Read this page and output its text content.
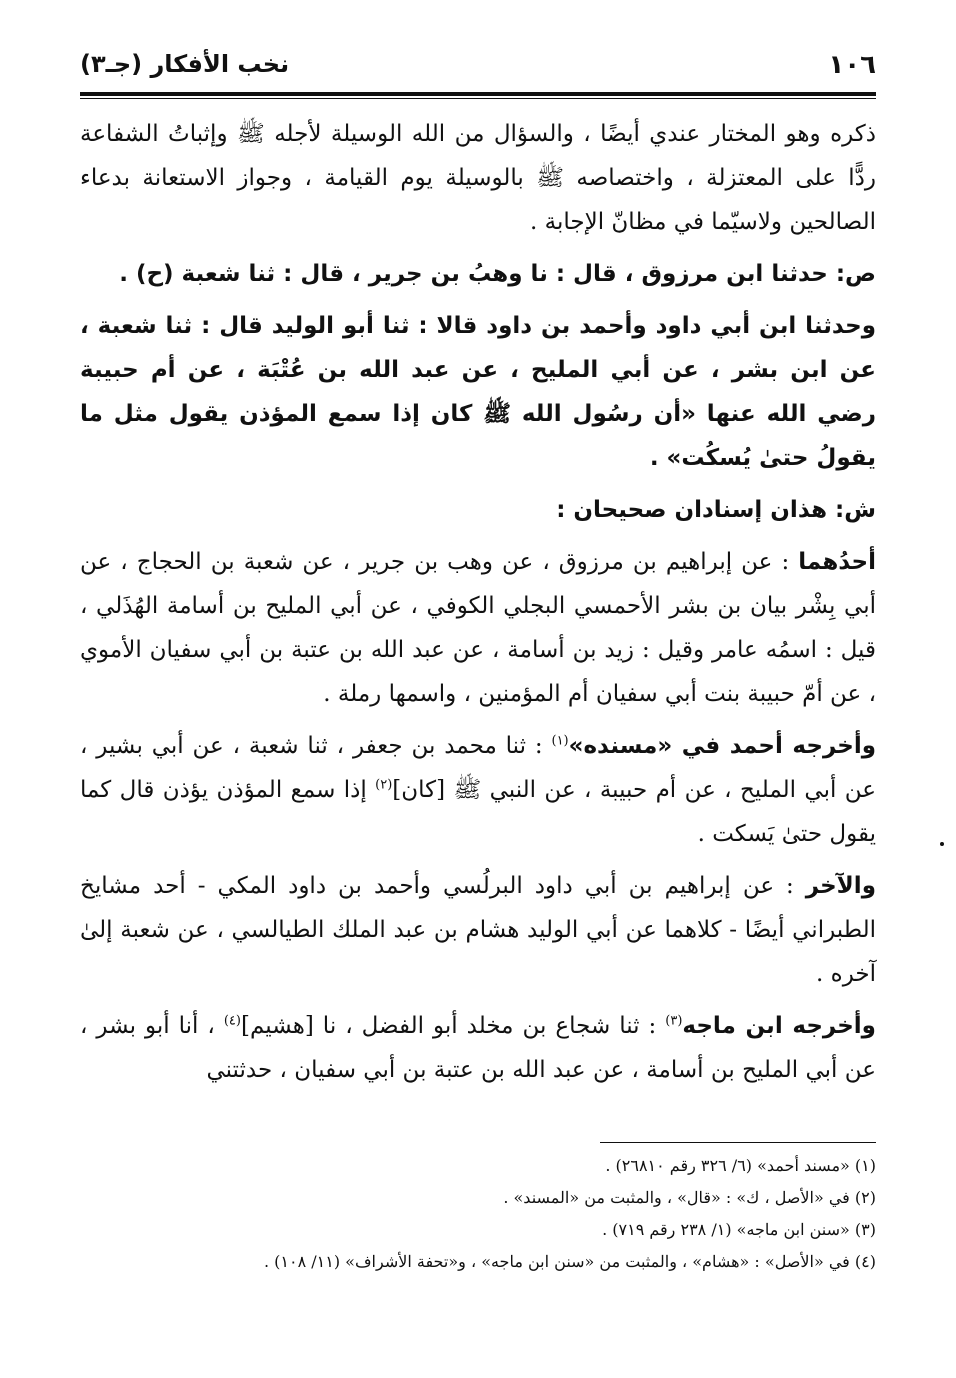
١٠٦
نخب الأفكار (جـ٣)

ذكره وهو المختار عندي أيضًا ، والسؤال من الله الوسيلة لأجله ﷺ وإثباتُ الشفاعة ردًّا على المعتزلة ، واختصاصه ﷺ بالوسيلة يوم القيامة ، وجواز الاستعانة بدعاء الصالحين ولاسيّما في مظانّ الإجابة .

ص: حدثنا ابن مرزوق ، قال : نا وهبُ بن جرير ، قال : ثنا شعبة (ح) .

وحدثنا ابن أبي داود وأحمد بن داود قالا : ثنا أبو الوليد قال : ثنا شعبة ، عن ابن بشر ، عن أبي المليح ، عن عبد الله بن عُتْبَة ، عن أم حبيبة رضي الله عنها «أن رسُول الله ﷺ كان إذا سمع المؤذن يقول مثل ما يقولُ حتىٰ يُسكُت» .

ش: هذان إسنادان صحيحان :

أحدُهما : عن إبراهيم بن مرزوق ، عن وهب بن جرير ، عن شعبة بن الحجاج ، عن أبي بِشْر بيان بن بشر الأحمسي البجلي الكوفي ، عن أبي المليح بن أسامة الهُذَلي ، قيل : اسمُه عامر وقيل : زيد بن أسامة ، عن عبد الله بن عتبة بن أبي سفيان الأموي ، عن أمّ حبيبة بنت أبي سفيان أم المؤمنين ، واسمها رملة .

وأخرجه أحمد في «مسنده»$^{(١)}$ : ثنا محمد بن جعفر ، ثنا شعبة ، عن أبي بشير ، عن أبي المليح ، عن أم حبيبة ، عن النبي ﷺ [كان]$^{(٢)}$ إذا سمع المؤذن يؤذن قال كما يقول حتىٰ يَسكت .

والآخر : عن إبراهيم بن أبي داود البرلُسي وأحمد بن داود المكي - أحد مشايخ الطبراني أيضًا - كلاهما عن أبي الوليد هشام بن عبد الملك الطيالسي ، عن شعبة إلىٰ آخره .

وأخرجه ابن ماجه$^{(٣)}$ : ثنا شجاع بن مخلد أبو الفضل ، نا [هشيم]$^{(٤)}$ ، أنا أبو بشر ، عن أبي المليح بن أسامة ، عن عبد الله بن عتبة بن أبي سفيان ، حدثتني

(١) «مسند أحمد» (٦/ ٣٢٦ رقم ٢٦٨١٠) .
(٢) في «الأصل ، ك» : «قال» ، والمثبت من «المسند» .
(٣) «سنن ابن ماجه» (١/ ٢٣٨ رقم ٧١٩) .
(٤) في «الأصل» : «هشام» ، والمثبت من «سنن ابن ماجه» ، و«تحفة الأشراف» (١١/ ١٠٨) .
